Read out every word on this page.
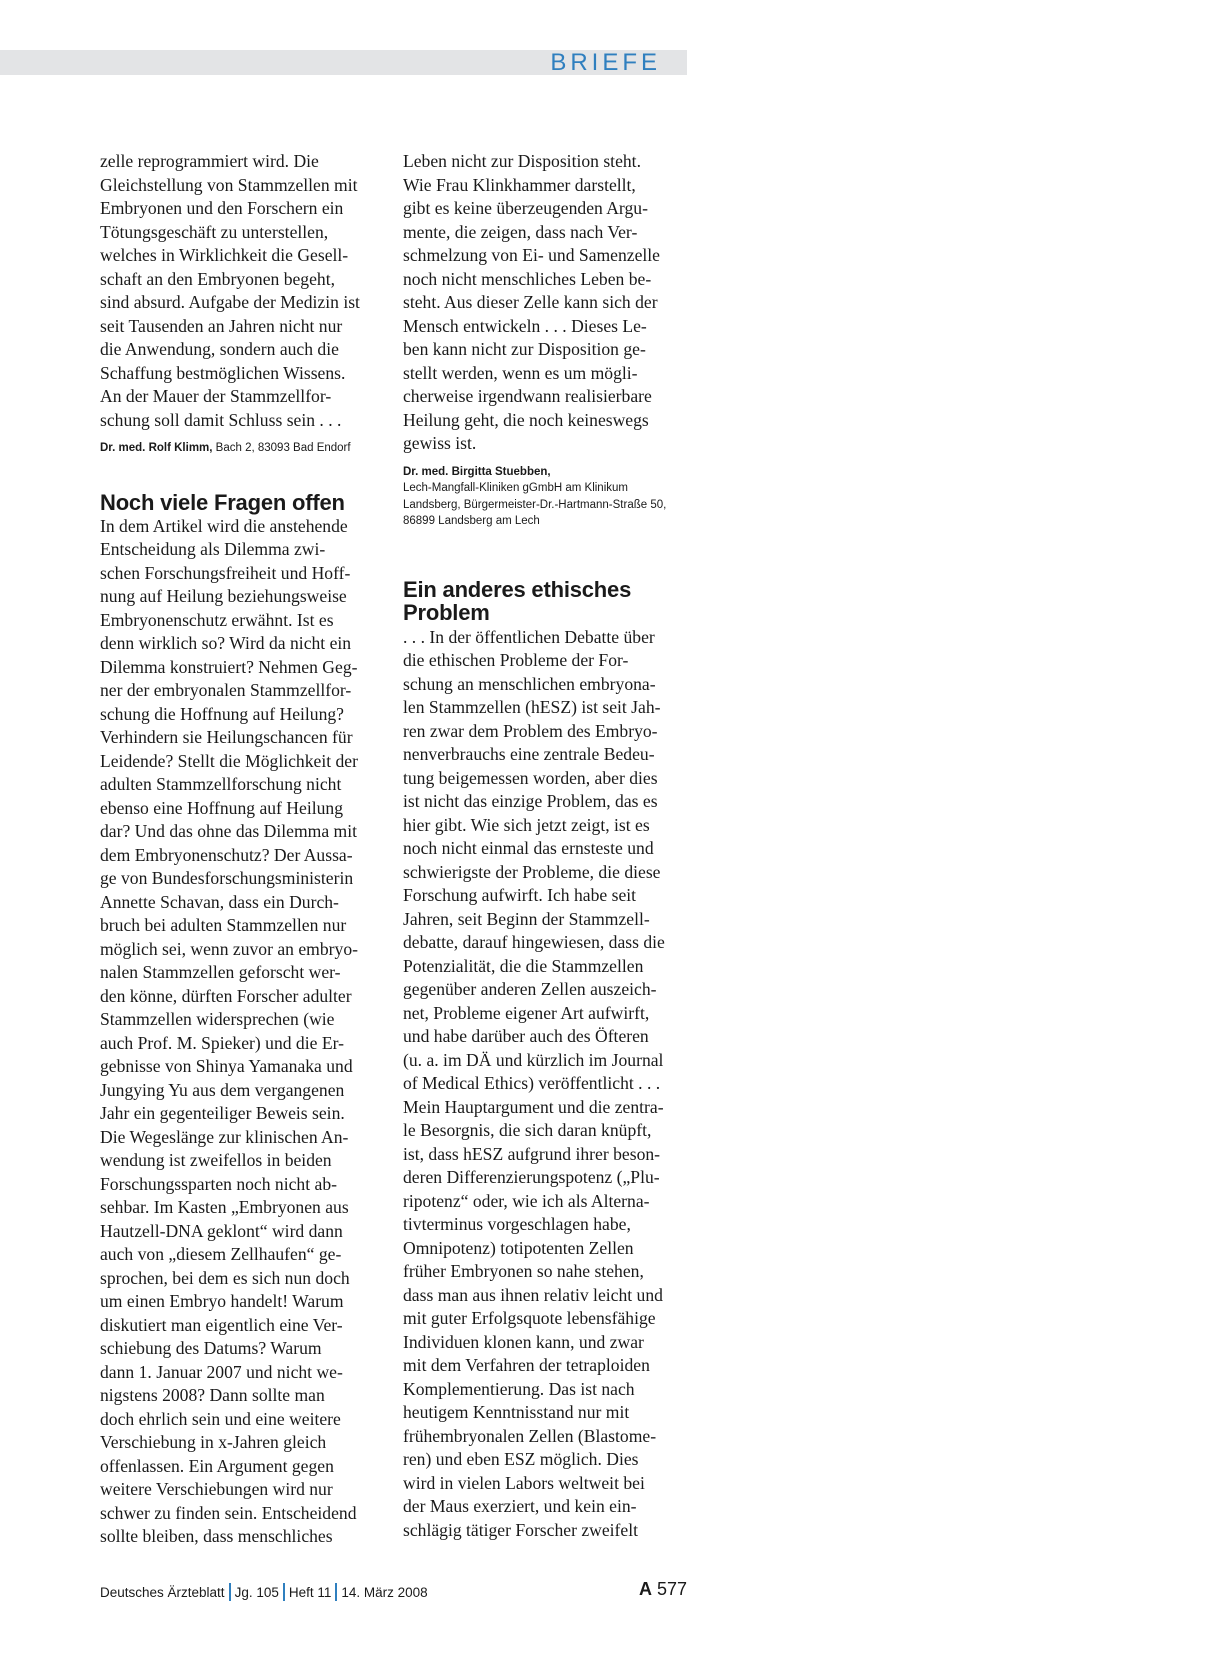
BRIEFE

zelle reprogrammiert wird. Die
Gleichstellung von Stammzellen mit
Embryonen und den Forschern ein
Tötungsgeschäft zu unterstellen,
welches in Wirklichkeit die Gesell-
schaft an den Embryonen begeht,
sind absurd. Aufgabe der Medizin ist
seit Tausenden an Jahren nicht nur
die Anwendung, sondern auch die
Schaffung bestmöglichen Wissens.
An der Mauer der Stammzellfor-
schung soll damit Schluss sein . . .

Dr. med. Rolf Klimm, Bach 2, 83093 Bad Endorf

Noch viele Fragen offen

In dem Artikel wird die anstehende
Entscheidung als Dilemma zwi-
schen Forschungsfreiheit und Hoff-
nung auf Heilung beziehungsweise
Embryonenschutz erwähnt. Ist es
denn wirklich so? Wird da nicht ein
Dilemma konstruiert? Nehmen Geg-
ner der embryonalen Stammzellfor-
schung die Hoffnung auf Heilung?
Verhindern sie Heilungschancen für
Leidende? Stellt die Möglichkeit der
adulten Stammzellforschung nicht
ebenso eine Hoffnung auf Heilung
dar? Und das ohne das Dilemma mit
dem Embryonenschutz? Der Aussa-
ge von Bundesforschungsministerin
Annette Schavan, dass ein Durch-
bruch bei adulten Stammzellen nur
möglich sei, wenn zuvor an embryo-
nalen Stammzellen geforscht wer-
den könne, dürften Forscher adulter
Stammzellen widersprechen (wie
auch Prof. M. Spieker) und die Er-
gebnisse von Shinya Yamanaka und
Jungying Yu aus dem vergangenen
Jahr ein gegenteiliger Beweis sein.
Die Wegeslänge zur klinischen An-
wendung ist zweifellos in beiden
Forschungssparten noch nicht ab-
sehbar. Im Kasten „Embryonen aus
Hautzell-DNA geklont“ wird dann
auch von „diesem Zellhaufen“ ge-
sprochen, bei dem es sich nun doch
um einen Embryo handelt! Warum
diskutiert man eigentlich eine Ver-
schiebung des Datums? Warum
dann 1. Januar 2007 und nicht we-
nigstens 2008? Dann sollte man
doch ehrlich sein und eine weitere
Verschiebung in x-Jahren gleich
offenlassen. Ein Argument gegen
weitere Verschiebungen wird nur
schwer zu finden sein. Entscheidend
sollte bleiben, dass menschliches

Leben nicht zur Disposition steht.
Wie Frau Klinkhammer darstellt,
gibt es keine überzeugenden Argu-
mente, die zeigen, dass nach Ver-
schmelzung von Ei- und Samenzelle
noch nicht menschliches Leben be-
steht. Aus dieser Zelle kann sich der
Mensch entwickeln . . . Dieses Le-
ben kann nicht zur Disposition ge-
stellt werden, wenn es um mögli-
cherweise irgendwann realisierbare
Heilung geht, die noch keineswegs
gewiss ist.

Dr. med. Birgitta Stuebben,
Lech-Mangfall-Kliniken gGmbH am Klinikum
Landsberg, Bürgermeister-Dr.-Hartmann-Straße 50,
86899 Landsberg am Lech

Ein anderes ethisches
Problem

. . . In der öffentlichen Debatte über
die ethischen Probleme der For-
schung an menschlichen embryona-
len Stammzellen (hESZ) ist seit Jah-
ren zwar dem Problem des Embryo-
nenverbrauchs eine zentrale Bedeu-
tung beigemessen worden, aber dies
ist nicht das einzige Problem, das es
hier gibt. Wie sich jetzt zeigt, ist es
noch nicht einmal das ernsteste und
schwierigste der Probleme, die diese
Forschung aufwirft. Ich habe seit
Jahren, seit Beginn der Stammzell-
debatte, darauf hingewiesen, dass die
Potenzialität, die die Stammzellen
gegenüber anderen Zellen auszeich-
net, Probleme eigener Art aufwirft,
und habe darüber auch des Öfteren
(u. a. im DÄ und kürzlich im Journal
of Medical Ethics) veröffentlicht . . .
Mein Hauptargument und die zentra-
le Besorgnis, die sich daran knüpft,
ist, dass hESZ aufgrund ihrer beson-
deren Differenzierungspotenz („Plu-
ripotenz“ oder, wie ich als Alterna-
tivterminus vorgeschlagen habe,
Omnipotenz) totipotenten Zellen
früher Embryonen so nahe stehen,
dass man aus ihnen relativ leicht und
mit guter Erfolgsquote lebensfähige
Individuen klonen kann, und zwar
mit dem Verfahren der tetraploiden
Komplementierung. Das ist nach
heutigem Kenntnisstand nur mit
frühembryonalen Zellen (Blastome-
ren) und eben ESZ möglich. Dies
wird in vielen Labors weltweit bei
der Maus exerziert, und kein ein-
schlägig tätiger Forscher zweifelt

Deutsches Ärzteblatt Jg. 105 Heft 11 14. März 2008	A 577
